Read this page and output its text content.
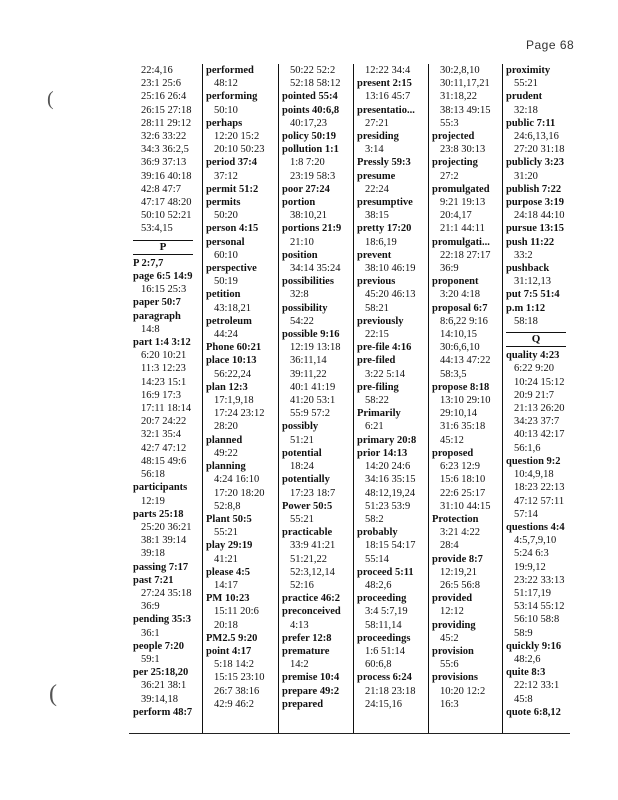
Page 68
(
(
22:4,16
23:1 25:6
25:16 26:4
26:15 27:18
28:11 29:12
32:6 33:22
34:3 36:2,5
36:9 37:13
39:16 40:18
42:8 47:7
47:17 48:20
50:10 52:21
53:4,15
P
P 2:7,7
page 6:5 14:9
16:15 25:3
paper 50:7
paragraph
14:8
part 1:4 3:12
6:20 10:21
11:3 12:23
14:23 15:1
16:9 17:3
17:11 18:14
20:7 24:22
32:1 35:4
42:7 47:12
48:15 49:6
56:18
participants
12:19
parts 25:18
25:20 36:21
38:1 39:14
39:18
passing 7:17
past 7:21
27:24 35:18
36:9
pending 35:3
36:1
people 7:20
59:1
per 25:18,20
36:21 38:1
39:14,18
perform 48:7
performed
48:12
performing
50:10
perhaps
12:20 15:2
20:10 50:23
period 37:4
37:12
permit 51:2
permits
50:20
person 4:15
personal
60:10
perspective
50:19
petition
43:18,21
petroleum
44:24
Phone 60:21
place 10:13
56:22,24
plan 12:3
17:1,9,18
17:24 23:12
28:20
planned
49:22
planning
4:24 16:10
17:20 18:20
52:8,8
Plant 50:5
55:21
play 29:19
41:21
please 4:5
14:17
PM 10:23
15:11 20:6
20:18
PM2.5 9:20
point 4:17
5:18 14:2
15:15 23:10
26:7 38:16
42:9 46:2
50:22 52:2
52:18 58:12
pointed 55:4
points 40:6,8
40:17,23
policy 50:19
pollution 1:1
1:8 7:20
23:19 58:3
poor 27:24
portion
38:10,21
portions 21:9
21:10
position
34:14 35:24
possibilities
32:8
possibility
54:22
possible 9:16
12:19 13:18
36:11,14
39:11,22
40:1 41:19
41:20 53:1
55:9 57:2
possibly
51:21
potential
18:24
potentially
17:23 18:7
Power 50:5
55:21
practicable
33:9 41:21
51:21,22
52:3,12,14
52:16
practice 46:2
preconceived
4:13
prefer 12:8
premature
14:2
premise 10:4
prepare 49:2
prepared
12:22 34:4
present 2:15
13:16 45:7
presentatio...
27:21
presiding
3:14
Pressly 59:3
presume
22:24
presumptive
38:15
pretty 17:20
18:6,19
prevent
38:10 46:19
previous
45:20 46:13
58:21
previously
22:15
pre-file 4:16
pre-filed
3:22 5:14
pre-filing
58:22
Primarily
6:21
primary 20:8
prior 14:13
14:20 24:6
34:16 35:15
48:12,19,24
51:23 53:9
58:2
probably
18:15 54:17
55:14
proceed 5:11
48:2,6
proceeding
3:4 5:7,19
58:11,14
proceedings
1:6 51:14
60:6,8
process 6:24
21:18 23:18
24:15,16
30:2,8,10
30:11,17,21
31:18,22
38:13 49:15
55:3
projected
23:8 30:13
projecting
27:2
promulgated
9:21 19:13
20:4,17
21:1 44:11
promulgati...
22:18 27:17
36:9
proponent
3:20 4:18
proposal 6:7
8:6,22 9:16
14:10,15
30:6,6,10
44:13 47:22
58:3,5
propose 8:18
13:10 29:10
29:10,14
31:6 35:18
45:12
proposed
6:23 12:9
15:6 18:10
22:6 25:17
31:10 44:15
Protection
3:21 4:22
28:4
provide 8:7
12:19,21
26:5 56:8
provided
12:12
providing
45:2
provision
55:6
provisions
10:20 12:2
16:3
proximity
55:21
prudent
32:18
public 7:11
24:6,13,16
27:20 31:18
publicly 3:23
31:20
publish 7:22
purpose 3:19
24:18 44:10
pursue 13:15
push 11:22
33:2
pushback
31:12,13
put 7:5 51:4
p.m 1:12
58:18
Q
quality 4:23
6:22 9:20
10:24 15:12
20:9 21:7
21:13 26:20
34:23 37:7
40:13 42:17
56:1,6
question 9:2
10:4,9,18
18:23 22:13
47:12 57:11
57:14
questions 4:4
4:5,7,9,10
5:24 6:3
19:9,12
23:22 33:13
51:17,19
53:14 55:12
56:10 58:8
58:9
quickly 9:16
48:2,6
quite 8:3
22:12 33:1
45:8
quote 6:8,12
